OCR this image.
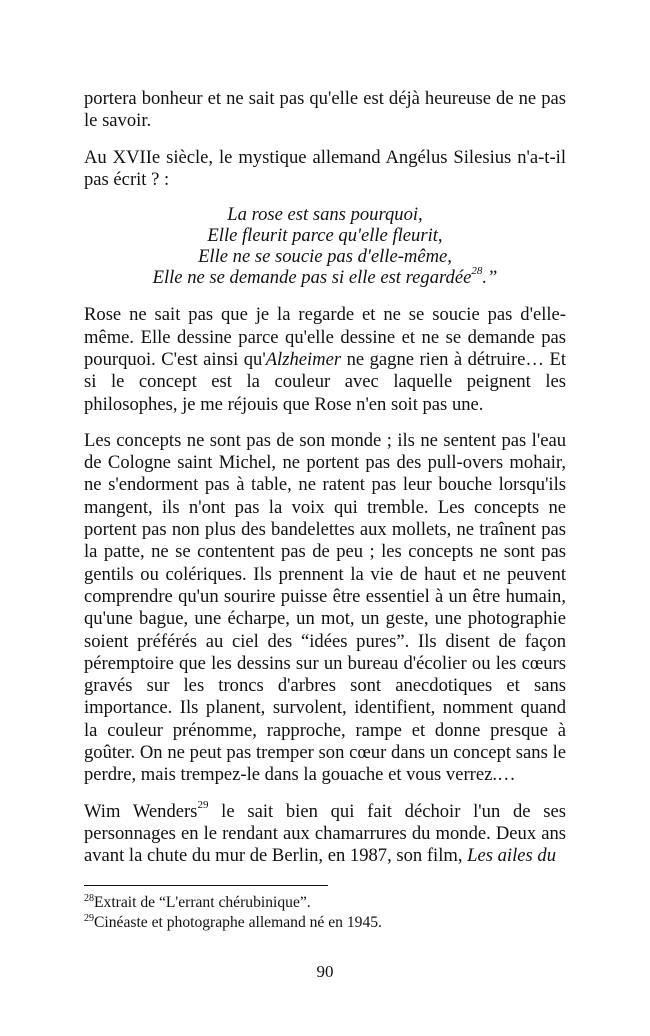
portera bonheur et ne sait pas qu'elle est déjà heureuse de ne pas le savoir.

Au XVIIe siècle, le mystique allemand Angélus Silesius n'a-t-il pas écrit ? :

La rose est sans pourquoi,
Elle fleurit parce qu'elle fleurit,
Elle ne se soucie pas d'elle-même,
Elle ne se demande pas si elle est regardée$^{28}$.”

Rose ne sait pas que je la regarde et ne se soucie pas d'elle-même. Elle dessine parce qu'elle dessine et ne se demande pas pourquoi. C'est ainsi qu'Alzheimer ne gagne rien à détruire… Et si le concept est la couleur avec laquelle peignent les philosophes, je me réjouis que Rose n'en soit pas une.

Les concepts ne sont pas de son monde ; ils ne sentent pas l'eau de Cologne saint Michel, ne portent pas des pull-overs mohair, ne s'endorment pas à table, ne ratent pas leur bouche lorsqu'ils mangent, ils n'ont pas la voix qui tremble. Les concepts ne portent pas non plus des bandelettes aux mollets, ne traînent pas la patte, ne se contentent pas de peu ; les concepts ne sont pas gentils ou colériques. Ils prennent la vie de haut et ne peuvent comprendre qu'un sourire puisse être essentiel à un être humain, qu'une bague, une écharpe, un mot, un geste, une photographie soient préférés au ciel des “idées pures”. Ils disent de façon péremptoire que les dessins sur un bureau d'écolier ou les cœurs gravés sur les troncs d'arbres sont anecdotiques et sans importance. Ils planent, survolent, identifient, nomment quand la couleur prénomme, rapproche, rampe et donne presque à goûter. On ne peut pas tremper son cœur dans un concept sans le perdre, mais trempez-le dans la gouache et vous verrez.…

Wim Wenders$^{29}$ le sait bien qui fait déchoir l'un de ses personnages en le rendant aux chamarrures du monde. Deux ans avant la chute du mur de Berlin, en 1987, son film, Les ailes du

$^{28}$Extrait de “L'errant chérubinique”.
$^{29}$Cinéaste et photographe allemand né en 1945.
90
